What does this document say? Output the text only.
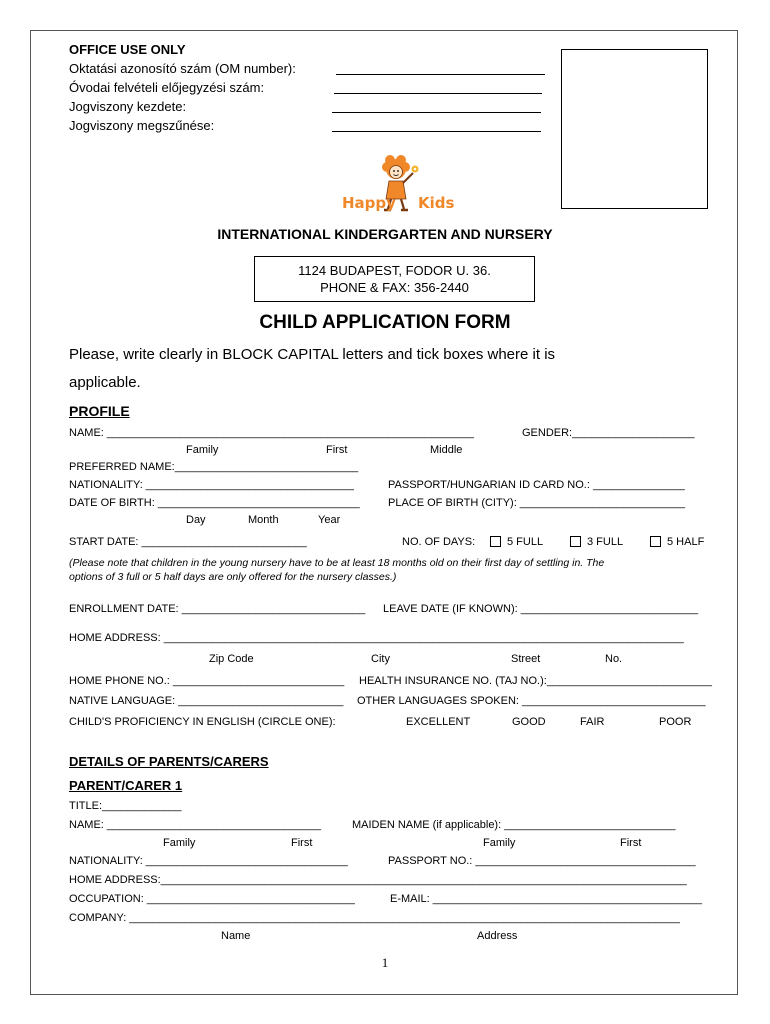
OFFICE USE ONLY
Oktatási azonosító szám (OM number):
Óvodai felvételi előjegyzési szám:
Jogviszony kezdete:
Jogviszony megszűnése:
Happy Kids
INTERNATIONAL KINDERGARTEN AND NURSERY
1124 BUDAPEST, FODOR U. 36.
PHONE & FAX: 356-2440
CHILD APPLICATION FORM
Please, write clearly in BLOCK CAPITAL letters and tick boxes where it is
applicable.
PROFILE
NAME: ____________________________________________________________	GENDER:____________________
Family	First	Middle
PREFERRED NAME:______________________________
NATIONALITY: __________________________________	PASSPORT/HUNGARIAN ID CARD NO.: _______________
DATE OF BIRTH: _________________________________	PLACE OF BIRTH (CITY): ___________________________
Day	Month	Year
START DATE: ___________________________	NO. OF DAYS:	5 FULL	3 FULL	5 HALF
(Please note that children in the young nursery have to be at least 18 months old on their first day of settling in. The
options of 3 full or 5 half days are only offered for the nursery classes.)
ENROLLMENT DATE: ______________________________ LEAVE DATE (IF KNOWN): _____________________________
HOME ADDRESS: _____________________________________________________________________________________
Zip Code	City	Street	No.
HOME PHONE NO.: ____________________________ HEALTH INSURANCE NO. (TAJ NO.):___________________________
NATIVE LANGUAGE: ___________________________ OTHER LANGUAGES SPOKEN: ______________________________
CHILD'S PROFICIENCY IN ENGLISH (CIRCLE ONE):	EXCELLENT	GOOD	FAIR	POOR
DETAILS OF PARENTS/CARERS
PARENT/CARER 1
TITLE:_____________
NAME: ___________________________________	MAIDEN NAME (if applicable): ____________________________
Family	First	Family	First
NATIONALITY: _________________________________	PASSPORT NO.: ____________________________________
HOME ADDRESS:______________________________________________________________________________________
OCCUPATION: __________________________________	E-MAIL: ____________________________________________
COMPANY: __________________________________________________________________________________________
Name	Address
1
